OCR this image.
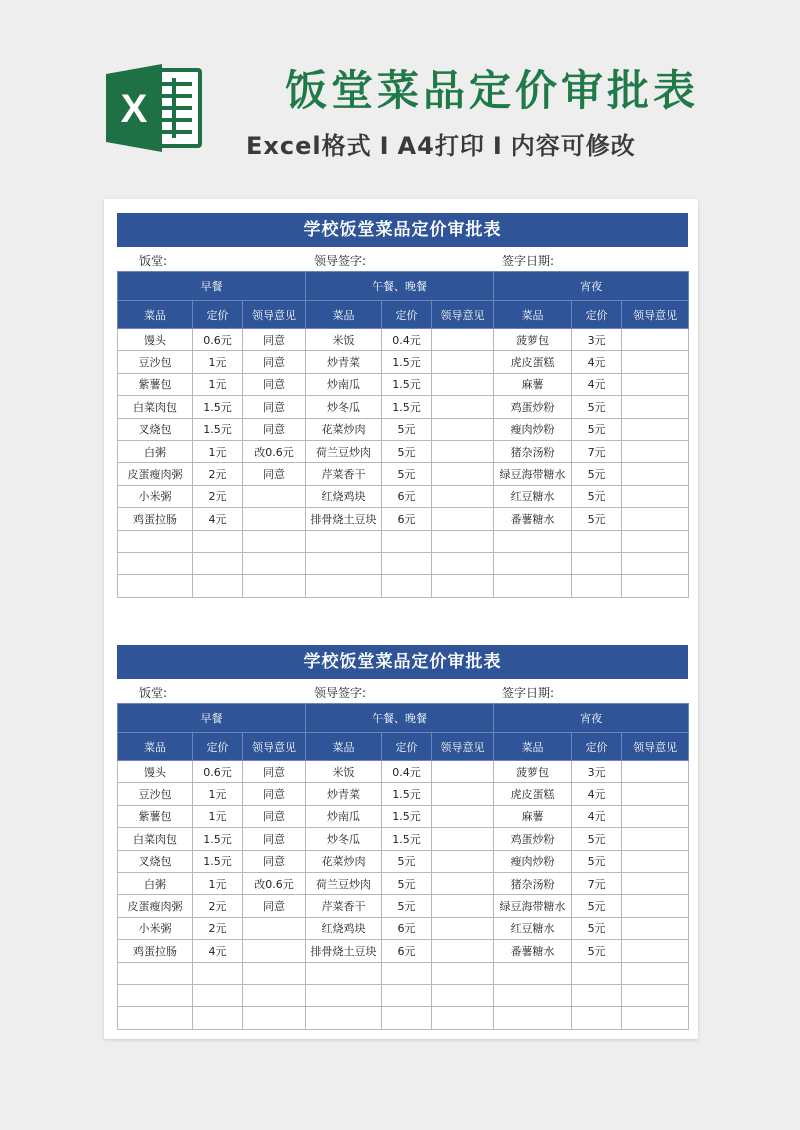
X	饭堂菜品定价审批表
Excel格式 I A4打印 I 内容可修改
学校饭堂菜品定价审批表
饭堂:	领导签字:	签字日期:
早餐			午餐、晚餐			宵夜		
菜品	定价	领导意见	菜品	定价	领导意见	菜品	定价	领导意见
馒头	0.6元	同意	米饭	0.4元		菠萝包	3元	
豆沙包	1元	同意	炒青菜	1.5元		虎皮蛋糕	4元	
紫薯包	1元	同意	炒南瓜	1.5元		麻薯	4元	
白菜肉包	1.5元	同意	炒冬瓜	1.5元		鸡蛋炒粉	5元	
叉烧包	1.5元	同意	花菜炒肉	5元		瘦肉炒粉	5元	
白粥	1元	改0.6元	荷兰豆炒肉	5元		猪杂汤粉	7元	
皮蛋瘦肉粥	2元	同意	芹菜香干	5元		绿豆海带糖水	5元	
小米粥	2元		红烧鸡块	6元		红豆糖水	5元	
鸡蛋拉肠	4元		排骨烧土豆块	6元		番薯糖水	5元	

学校饭堂菜品定价审批表
饭堂:	领导签字:	签字日期:
早餐			午餐、晚餐			宵夜		
菜品	定价	领导意见	菜品	定价	领导意见	菜品	定价	领导意见
馒头	0.6元	同意	米饭	0.4元		菠萝包	3元	
豆沙包	1元	同意	炒青菜	1.5元		虎皮蛋糕	4元	
紫薯包	1元	同意	炒南瓜	1.5元		麻薯	4元	
白菜肉包	1.5元	同意	炒冬瓜	1.5元		鸡蛋炒粉	5元	
叉烧包	1.5元	同意	花菜炒肉	5元		瘦肉炒粉	5元	
白粥	1元	改0.6元	荷兰豆炒肉	5元		猪杂汤粉	7元	
皮蛋瘦肉粥	2元	同意	芹菜香干	5元		绿豆海带糖水	5元	
小米粥	2元		红烧鸡块	6元		红豆糖水	5元	
鸡蛋拉肠	4元		排骨烧土豆块	6元		番薯糖水	5元	
